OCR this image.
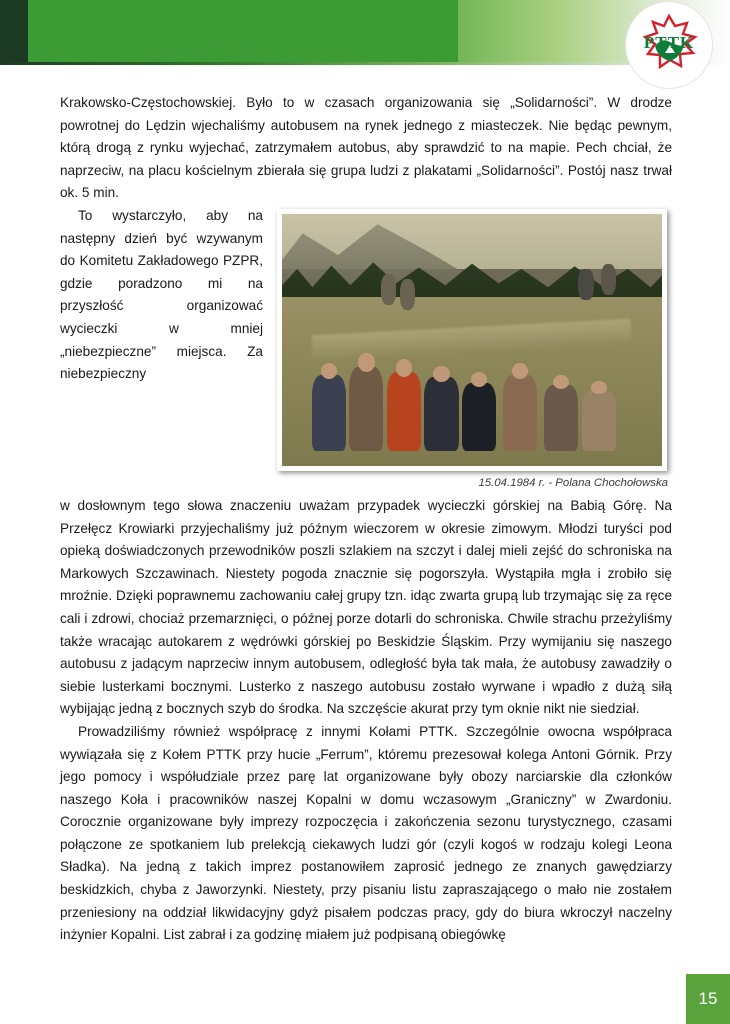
PTTK

Krakowsko-Częstochowskiej. Było to w czasach organizowania się „Solidarności”. W drodze powrotnej do Lędzin wjechaliśmy autobusem na rynek jednego z miasteczek. Nie będąc pewnym, którą drogą z rynku wyjechać, zatrzymałem autobus, aby sprawdzić to na mapie. Pech chciał, że naprzeciw, na placu kościelnym zbierała się grupa ludzi z plakatami „Solidarności”. Postój nasz trwał ok. 5 min.

15.04.1984 r. - Polana Chochołowska

To wystarczyło, aby na następny dzień być wzywanym do Komitetu Zakładowego PZPR, gdzie poradzono mi na przyszłość organizować wycieczki w mniej „niebezpieczne” miejsca. Za niebezpieczny

w dosłownym tego słowa znaczeniu uważam przypadek wycieczki górskiej na Babią Górę. Na Przełęcz Krowiarki przyjechaliśmy już późnym wieczorem w okresie zimowym. Młodzi turyści pod opieką doświadczonych przewodników poszli szlakiem na szczyt i dalej mieli zejść do schroniska na Markowych Szczawinach. Niestety pogoda znacznie się pogorszyła. Wystąpiła mgła i zrobiło się mroźnie. Dzięki poprawnemu zachowaniu całej grupy tzn. idąc zwarta grupą lub trzymając się za ręce cali i zdrowi, chociaż przemarznięci, o późnej porze dotarli do schroniska. Chwile strachu przeżyliśmy także wracając autokarem z wędrówki górskiej po Beskidzie Śląskim. Przy wymijaniu się naszego autobusu z jadącym naprzeciw innym autobusem, odległość była tak mała, że autobusy zawadziły o siebie lusterkami bocznymi. Lusterko z naszego autobusu zostało wyrwane i wpadło z dużą siłą wybijając jedną z bocznych szyb do środka. Na szczęście akurat przy tym oknie nikt nie siedział.

Prowadziliśmy również współpracę z innymi Kołami PTTK. Szczególnie owocna współpraca wywiązała się z Kołem PTTK przy hucie „Ferrum”, któremu prezesował kolega Antoni Górnik. Przy jego pomocy i współudziale przez parę lat organizowane były obozy narciarskie dla członków naszego Koła i pracowników naszej Kopalni w domu wczasowym „Graniczny” w Zwardoniu. Corocznie organizowane były imprezy rozpoczęcia i zakończenia sezonu turystycznego, czasami połączone ze spotkaniem lub prelekcją ciekawych ludzi gór (czyli kogoś w rodzaju kolegi Leona Sładka). Na jedną z takich imprez postanowiłem zaprosić jednego ze znanych gawędziarzy beskidzkich, chyba z Jaworzynki. Niestety, przy pisaniu listu zapraszającego o mało nie zostałem przeniesiony na oddział likwidacyjny gdyż pisałem podczas pracy, gdy do biura wkroczył naczelny inżynier Kopalni. List zabrał i za godzinę miałem już podpisaną obiegówkę

15
